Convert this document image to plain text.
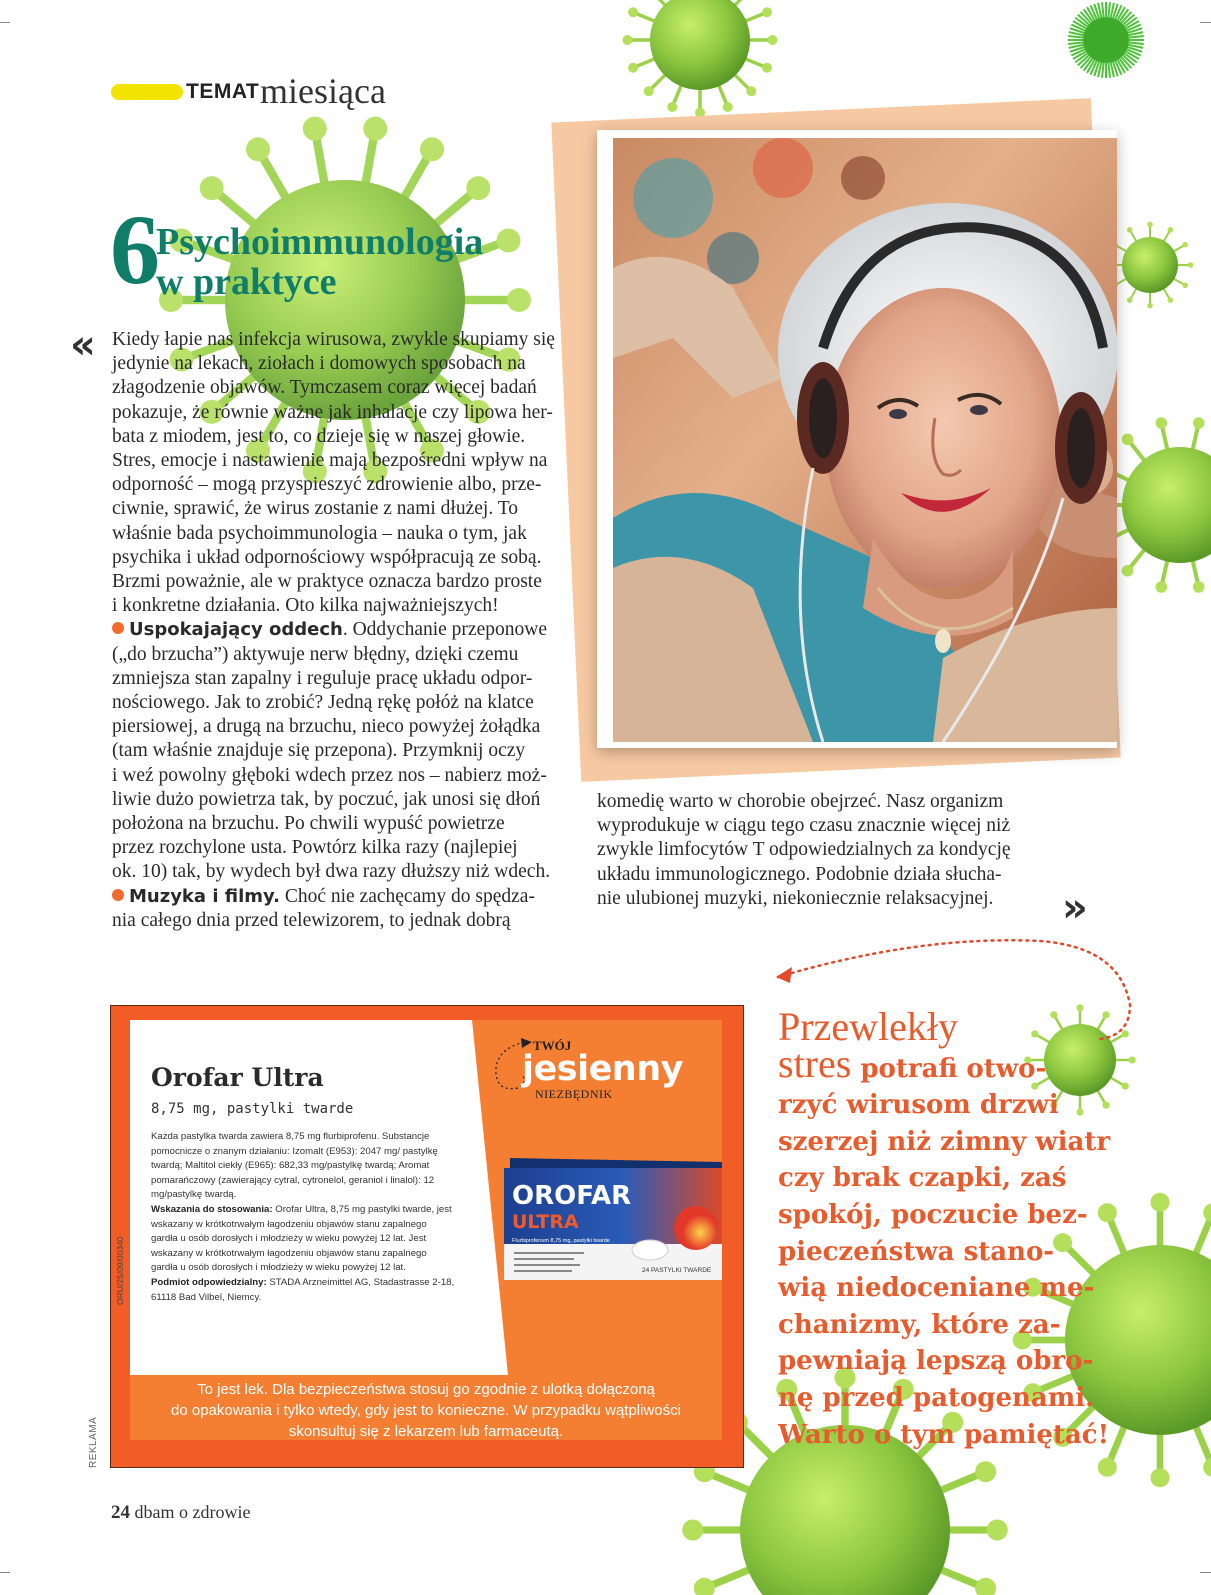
TEMAT miesiąca
6
Psychoimmunologia
w praktyce
« Kiedy łapie nas infekcja wirusowa, zwykle skupiamy się
jedynie na lekach, ziołach i domowych sposobach na
złagodzenie objawów. Tymczasem coraz więcej badań
pokazuje, że równie ważne jak inhalacje czy lipowa her-
bata z miodem, jest to, co dzieje się w naszej głowie.
Stres, emocje i nastawienie mają bezpośredni wpływ na
odporność – mogą przyspieszyć zdrowienie albo, prze-
ciwnie, sprawić, że wirus zostanie z nami dłużej. To
właśnie bada psychoimmunologia – nauka o tym, jak
psychika i układ odpornościowy współpracują ze sobą.
Brzmi poważnie, ale w praktyce oznacza bardzo proste
i konkretne działania. Oto kilka najważniejszych!

Uspokajający oddech. Oddychanie przeponowe

(„do brzucha”) aktywuje nerw błędny, dzięki czemu
zmniejsza stan zapalny i reguluje pracę układu odpor-
nościowego. Jak to zrobić? Jedną rękę połóż na klatce
piersiowej, a drugą na brzuchu, nieco powyżej żołądka
(tam właśnie znajduje się przepona). Przymknij oczy
i weź powolny głęboki wdech przez nos – nabierz moż-
liwie dużo powietrza tak, by poczuć, jak unosi się dłoń
położona na brzuchu. Po chwili wypuść powietrze
przez rozchylone usta. Powtórz kilka razy (najlepiej
ok. 10) tak, by wydech był dwa razy dłuższy niż wdech.

Muzyka i filmy. Choć nie zachęcamy do spędza-

nia całego dnia przed telewizorem, to jednak dobrą

komedię warto w chorobie obejrzeć. Nasz organizm
wyprodukuje w ciągu tego czasu znacznie więcej niż
zwykle limfocytów T odpowiedzialnych za kondycję
układu immunologicznego. Podobnie działa słucha-
nie ulubionej muzyki, niekoniecznie relaksacyjnej.	»
Orofar Ultra
8,75 mg, pastylki twarde
Każda pastylka twarda zawiera 8,75 mg flurbiprofenu. Substancje pomocnicze o znanym działaniu: Izomalt (E953): 2047 mg/ pastylkę twardą; Maltitol ciekły (E965): 682,33 mg/pastylkę twardą; Aromat pomarańczowy (zawierający cytral, cytronelol, geraniol i linalol): 12 mg/pastylkę twardą.
Wskazania do stosowania: Orofar Ultra, 8,75 mg pastylki twarde, jest wskazany w krótkotrwałym łagodzeniu objawów stanu zapalnego gardła u osób dorosłych i młodzieży w wieku powyżej 12 lat. Jest wskazany w krótkotrwałym łagodzeniu objawów stanu zapalnego gardła u osób dorosłych i młodzieży w wieku powyżej 12 lat.
Podmiot odpowiedzialny: STADA Arzneimittel AG, Stadastrasse 2-18, 61118 Bad Vilbel, Niemcy.
ORU/25/09/00340
REKLAMA
TWÓJ
jesienny
NIEZBĘDNIK
OROFAR
ULTRA
Flurbiprofenum 8,75 mg, pastylki twarde
24 PASTYLKI TWARDE
To jest lek. Dla bezpieczeństwa stosuj go zgodnie z ulotką dołączoną
do opakowania i tylko wtedy, gdy jest to konieczne. W przypadku wątpliwości
skonsultuj się z lekarzem lub farmaceutą.
Przewlekły
stres potrafi otwo-
rzyć wirusom drzwi
szerzej niż zimny wiatr
czy brak czapki, zaś
spokój, poczucie bez-
pieczeństwa stano-
wią niedoceniane me-
chanizmy, które za-
pewniają lepszą obro-
nę przed patogenami.
Warto o tym pamiętać!
24 dbam o zdrowie
